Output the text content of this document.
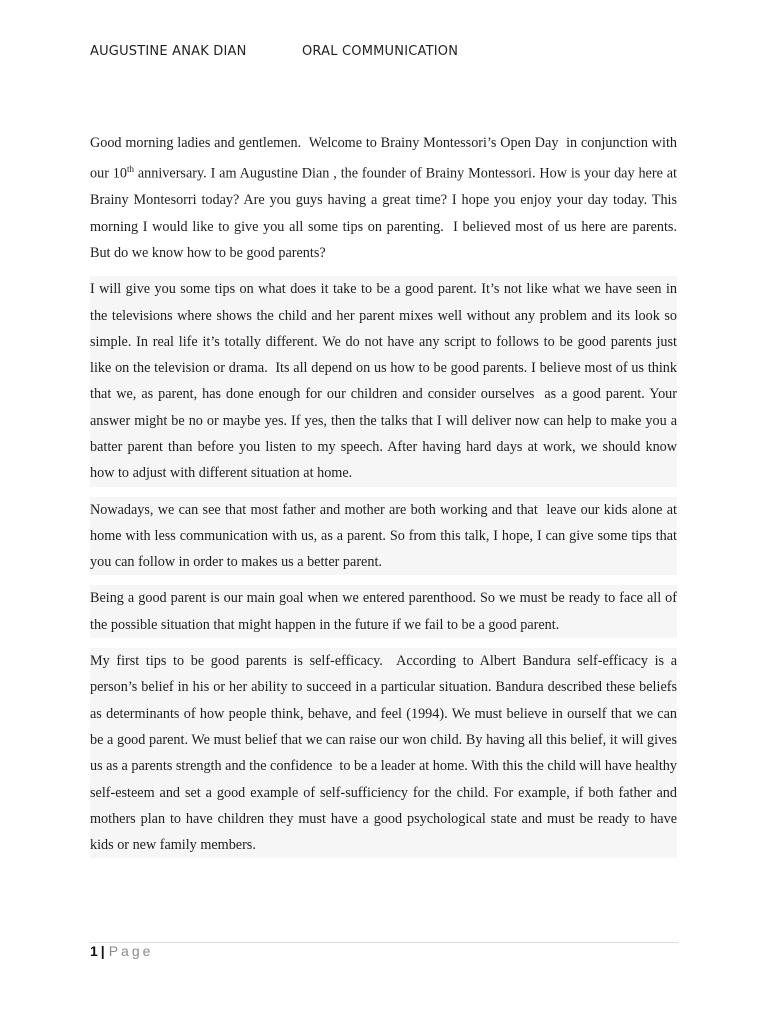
AUGUSTINE ANAK DIAN	ORAL COMMUNICATION

Good morning ladies and gentlemen.  Welcome to Brainy Montessori’s Open Day  in conjunction with our 10th anniversary. I am Augustine Dian , the founder of Brainy Montessori. How is your day here at Brainy Montesorri today? Are you guys having a great time? I hope you enjoy your day today. This morning I would like to give you all some tips on parenting.  I believed most of us here are parents. But do we know how to be good parents?

I will give you some tips on what does it take to be a good parent. It’s not like what we have seen in the televisions where shows the child and her parent mixes well without any problem and its look so simple. In real life it’s totally different. We do not have any script to follows to be good parents just like on the television or drama.  Its all depend on us how to be good parents. I believe most of us think that we, as parent, has done enough for our children and consider ourselves  as a good parent. Your answer might be no or maybe yes. If yes, then the talks that I will deliver now can help to make you a batter parent than before you listen to my speech. After having hard days at work, we should know how to adjust with different situation at home.

Nowadays, we can see that most father and mother are both working and that  leave our kids alone at home with less communication with us, as a parent. So from this talk, I hope, I can give some tips that you can follow in order to makes us a better parent.

Being a good parent is our main goal when we entered parenthood. So we must be ready to face all of the possible situation that might happen in the future if we fail to be a good parent.

My first tips to be good parents is self-efficacy.  According to Albert Bandura self-efficacy is a person’s belief in his or her ability to succeed in a particular situation. Bandura described these beliefs as determinants of how people think, behave, and feel (1994). We must believe in ourself that we can be a good parent. We must belief that we can raise our won child. By having all this belief, it will gives us as a parents strength and the confidence  to be a leader at home. With this the child will have healthy self-esteem and set a good example of self-sufficiency for the child. For example, if both father and mothers plan to have children they must have a good psychological state and must be ready to have kids or new family members.

1 | Page
